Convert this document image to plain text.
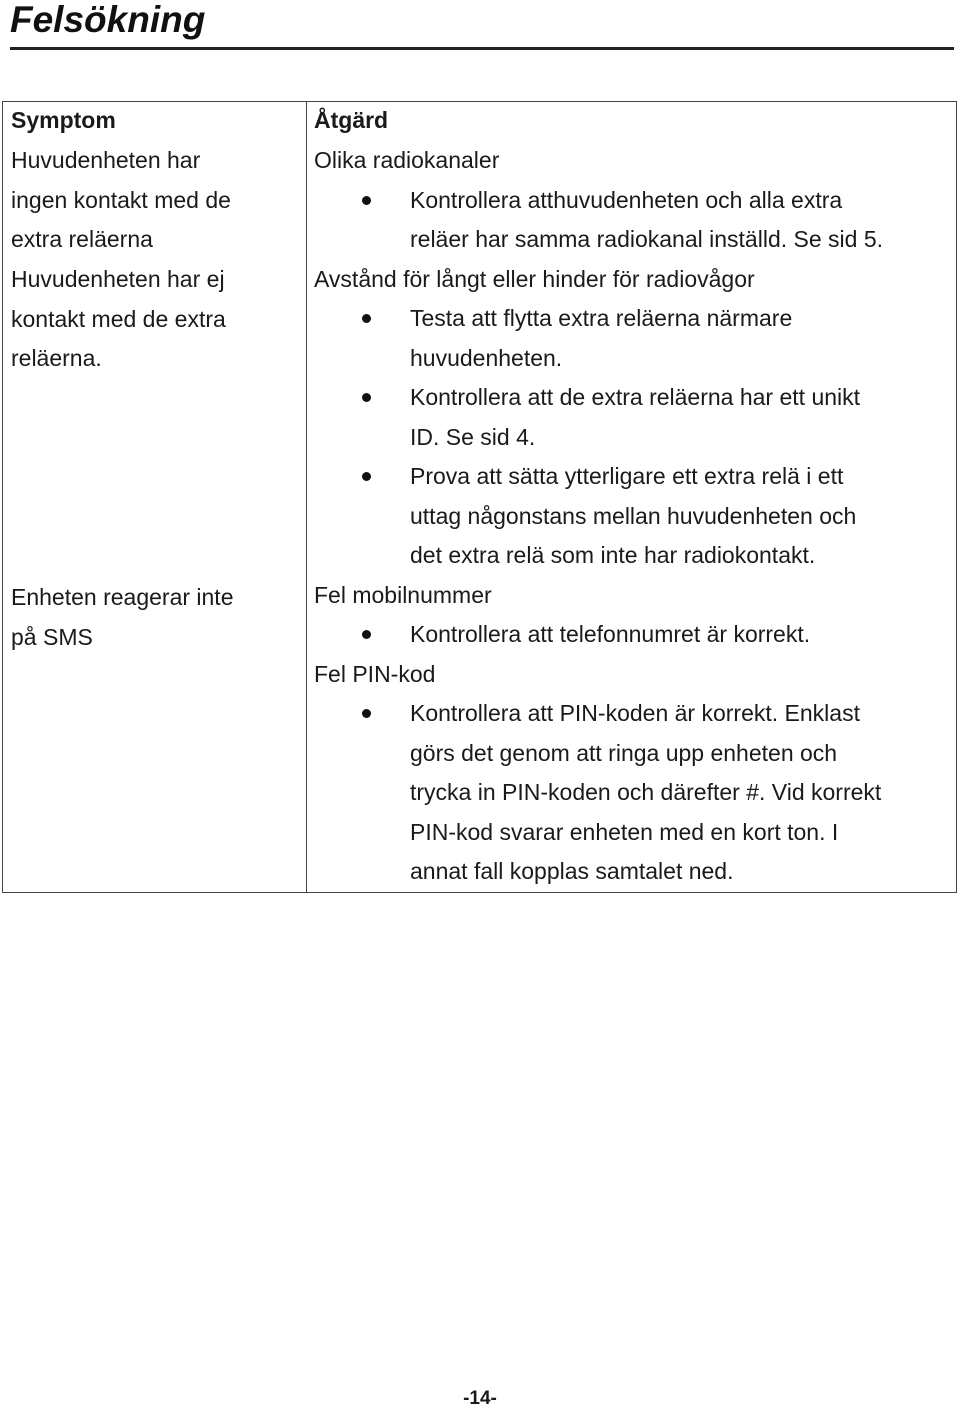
Felsökning
Symptom
Huvudenheten har
ingen kontakt med de
extra reläerna
Huvudenheten har ej
kontakt med de extra
reläerna.
Enheten reagerar inte
på SMS
Åtgärd
Olika radiokanaler
Kontrollera atthuvudenheten och alla extra
reläer har samma radiokanal inställd. Se sid 5.
Avstånd för långt eller hinder för radiovågor
Testa att flytta extra reläerna närmare
huvudenheten.
Kontrollera att de extra reläerna har ett unikt
ID. Se sid 4.
Prova att sätta ytterligare ett extra relä i ett
uttag någonstans mellan huvudenheten och
det extra relä som inte har radiokontakt.
Fel mobilnummer
Kontrollera att telefonnumret är korrekt.
Fel PIN-kod
Kontrollera att PIN-koden är korrekt. Enklast
görs det genom att ringa upp enheten och
trycka in PIN-koden och därefter #. Vid korrekt
PIN-kod svarar enheten med en kort ton. I
annat fall kopplas samtalet ned.
-14-
